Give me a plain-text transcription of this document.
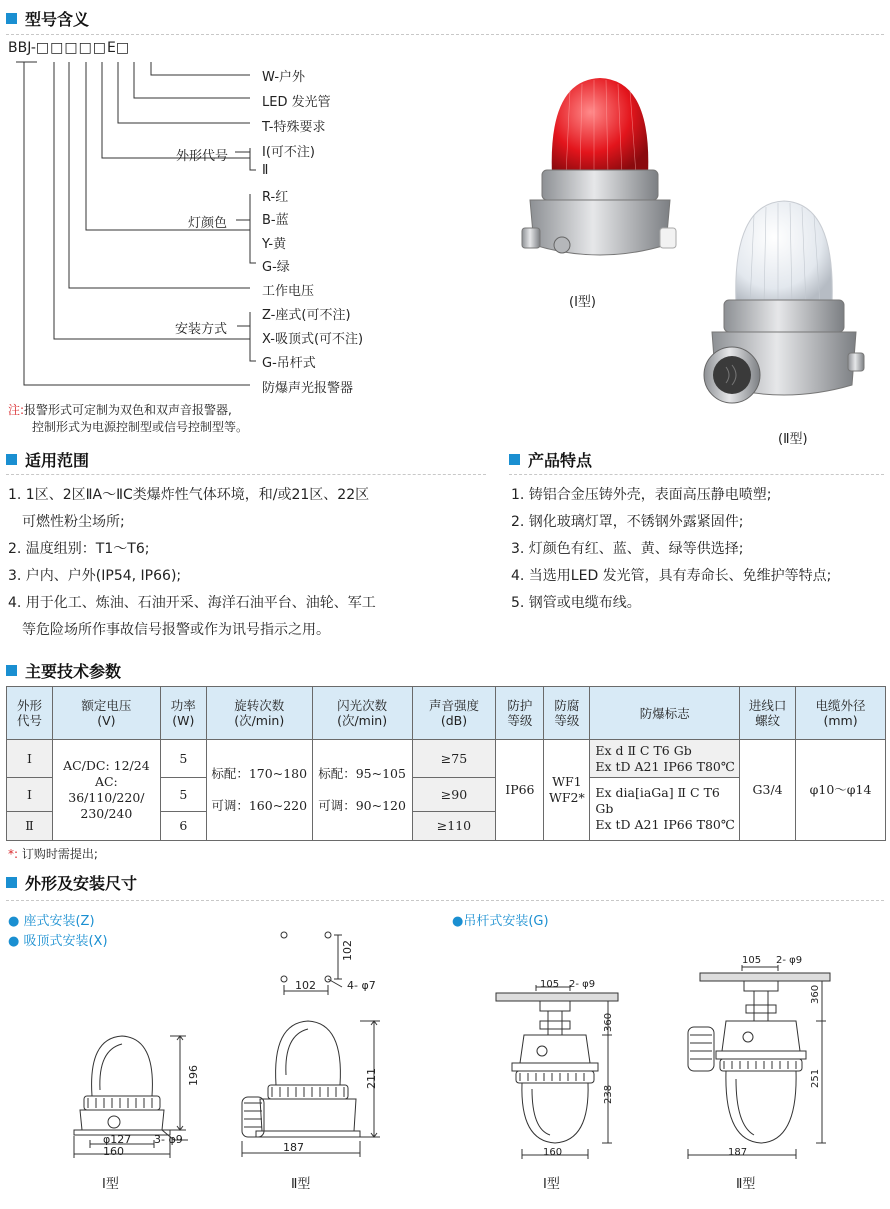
型号含义
BBJ-□□□□□E□
W-户外
LED 发光管
T-特殊要求
外形代号	Ⅰ(可不注)
Ⅱ
灯颜色
R-红
B-蓝
Y-黄
G-绿
工作电压
安装方式
Z-座式(可不注)
X-吸顶式(可不注)
G-吊杆式
防爆声光报警器
注:报警形式可定制为双色和双声音报警器,
控制形式为电源控制型或信号控制型等。
(Ⅰ型)
(Ⅱ型)
适用范围	产品特点
1. 1区、2区ⅡA～ⅡC类爆炸性气体环境，和/或21区、22区
可燃性粉尘场所;
2. 温度组别：T1～T6;
3. 户内、户外(IP54, IP66);
4. 用于化工、炼油、石油开采、海洋石油平台、油轮、军工
等危险场所作事故信号报警或作为讯号指示之用。
1. 铸铝合金压铸外壳，表面高压静电喷塑;
2. 钢化玻璃灯罩，不锈钢外露紧固件;
3. 灯颜色有红、蓝、黄、绿等供选择;
4. 当选用LED 发光管，具有寿命长、免维护等特点;
5. 钢管或电缆布线。
主要技术参数
外形
代号	额定电压
(V)	功率
(W)	旋转次数
(次/min)	闪光次数
(次/min)	声音强度
(dB)	防护
等级	防腐
等级	防爆标志	进线口
螺纹	电缆外径
(mm)
Ⅰ	AC/DC: 12/24
AC: 36/110/220/
230/240	5	标配：170~180

可调：160~220	标配：95~105

可调：90~120	≥75	IP66	WF1
WF2*	Ex d Ⅱ C T6 Gb
Ex tD A21 IP66 T80℃	G3/4	φ10～φ14
Ⅰ		5			≥90			Ex dia[iaGa] Ⅱ C T6 Gb
Ex tD A21 IP66 T80℃		
Ⅱ		6			≥110					
*: 订购时需提出;
外形及安装尺寸
● 座式安装(Z)
● 吸顶式安装(X)
●吊杆式安装(G)
196
φ127 3- φ9
160
Ⅰ型
102
102	4- φ7
211
187
Ⅱ型
105 2- φ9
360
238
160
Ⅰ型
105 2- φ9
360
251
187
Ⅱ型
